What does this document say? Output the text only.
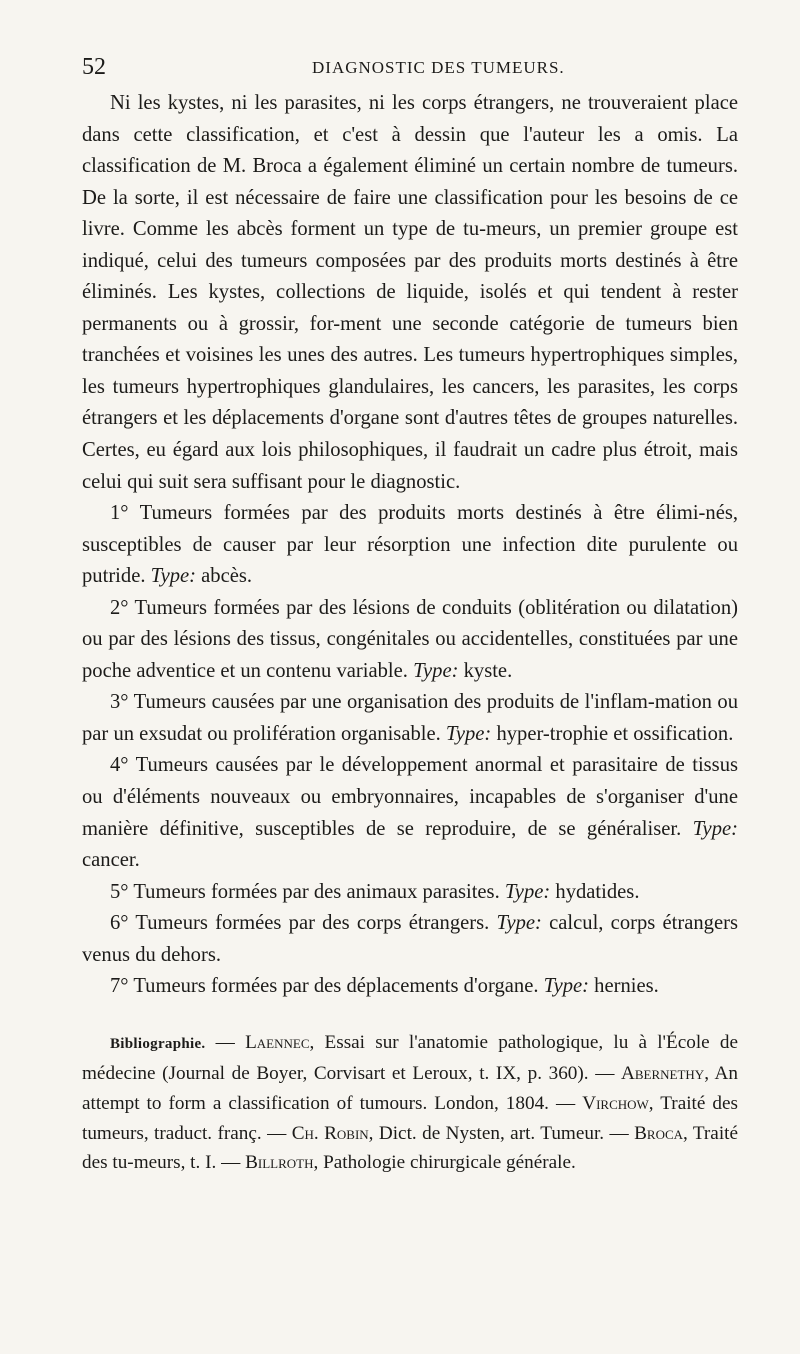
52	DIAGNOSTIC DES TUMEURS.

Ni les kystes, ni les parasites, ni les corps étrangers, ne trouveraient place dans cette classification, et c'est à dessin que l'auteur les a omis. La classification de M. Broca a également éliminé un certain nombre de tumeurs. De la sorte, il est nécessaire de faire une classification pour les besoins de ce livre. Comme les abcès forment un type de tu-meurs, un premier groupe est indiqué, celui des tumeurs composées par des produits morts destinés à être éliminés. Les kystes, collections de liquide, isolés et qui tendent à rester permanents ou à grossir, for-ment une seconde catégorie de tumeurs bien tranchées et voisines les unes des autres. Les tumeurs hypertrophiques simples, les tumeurs hypertrophiques glandulaires, les cancers, les parasites, les corps étrangers et les déplacements d'organe sont d'autres têtes de groupes naturelles. Certes, eu égard aux lois philosophiques, il faudrait un cadre plus étroit, mais celui qui suit sera suffisant pour le diagnostic.

1° Tumeurs formées par des produits morts destinés à être élimi-nés, susceptibles de causer par leur résorption une infection dite purulente ou putride. Type: abcès.

2° Tumeurs formées par des lésions de conduits (oblitération ou dilatation) ou par des lésions des tissus, congénitales ou accidentelles, constituées par une poche adventice et un contenu variable. Type: kyste.

3° Tumeurs causées par une organisation des produits de l'inflam-mation ou par un exsudat ou prolifération organisable. Type: hyper-trophie et ossification.

4° Tumeurs causées par le développement anormal et parasitaire de tissus ou d'éléments nouveaux ou embryonnaires, incapables de s'organiser d'une manière définitive, susceptibles de se reproduire, de se généraliser. Type: cancer.

5° Tumeurs formées par des animaux parasites. Type: hydatides.

6° Tumeurs formées par des corps étrangers. Type: calcul, corps étrangers venus du dehors.

7° Tumeurs formées par des déplacements d'organe. Type: hernies.

Bibliographie. — Laennec, Essai sur l'anatomie pathologique, lu à l'École de médecine (Journal de Boyer, Corvisart et Leroux, t. IX, p. 360). — Abernethy, An attempt to form a classification of tumours. London, 1804. — Virchow, Traité des tumeurs, traduct. franç. — Ch. Robin, Dict. de Nysten, art. Tumeur. — Broca, Traité des tu-meurs, t. I. — Billroth, Pathologie chirurgicale générale.
